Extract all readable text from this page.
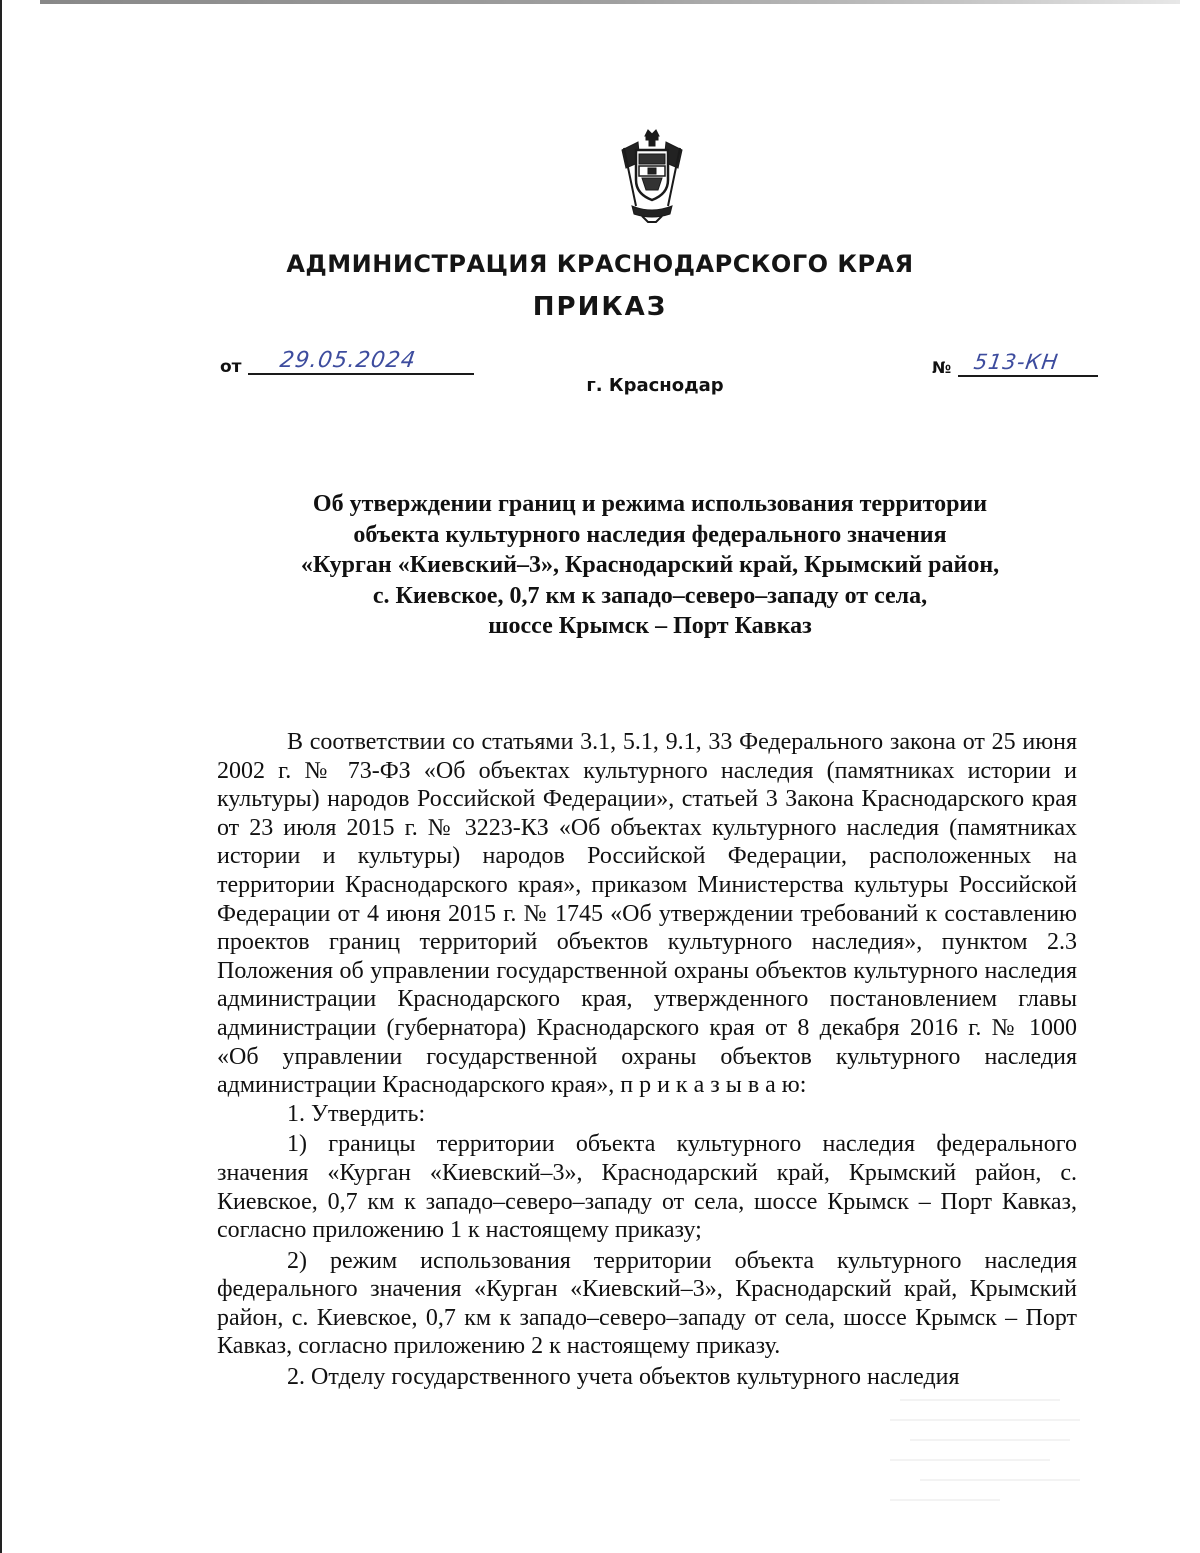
АДМИНИСТРАЦИЯ КРАСНОДАРСКОГО КРАЯ
ПРИКАЗ
от 29.05.2024
г. Краснодар
№ 513-КН
Об утверждении границ и режима использования территории
объекта культурного наследия федерального значения
«Курган «Киевский–3», Краснодарский край, Крымский район,
с. Киевское, 0,7 км к западо–северо–западу от села,
шоссе Крымск – Порт Кавказ

В соответствии со статьями 3.1, 5.1, 9.1, 33 Федерального закона от 25 июня 2002 г. № 73-ФЗ «Об объектах культурного наследия (памятниках истории и культуры) народов Российской Федерации», статьей 3 Закона Краснодарского края от 23 июля 2015 г. № 3223-КЗ «Об объектах культурного наследия (памятниках истории и культуры) народов Российской Федерации, расположенных на территории Краснодарского края», приказом Министерства культуры Российской Федерации от 4 июня 2015 г. № 1745 «Об утверждении требований к составлению проектов границ территорий объектов культурного наследия», пунктом 2.3 Положения об управлении государственной охраны объектов культурного наследия администрации Краснодарского края, утвержденного постановлением главы администрации (губернатора) Краснодарского края от 8 декабря 2016 г. № 1000 «Об управлении государственной охраны объектов культурного наследия администрации Краснодарского края», п р и к а з ы в а ю:

1. Утвердить:

1) границы территории объекта культурного наследия федерального значения «Курган «Киевский–3», Краснодарский край, Крымский район, с. Киевское, 0,7 км к западо–северо–западу от села, шоссе Крымск – Порт Кавказ, согласно приложению 1 к настоящему приказу;

2) режим использования территории объекта культурного наследия федерального значения «Курган «Киевский–3», Краснодарский край, Крымский район, с. Киевское, 0,7 км к западо–северо–западу от села, шоссе Крымск – Порт Кавказ, согласно приложению 2 к настоящему приказу.

2. Отделу государственного учета объектов культурного наследия
